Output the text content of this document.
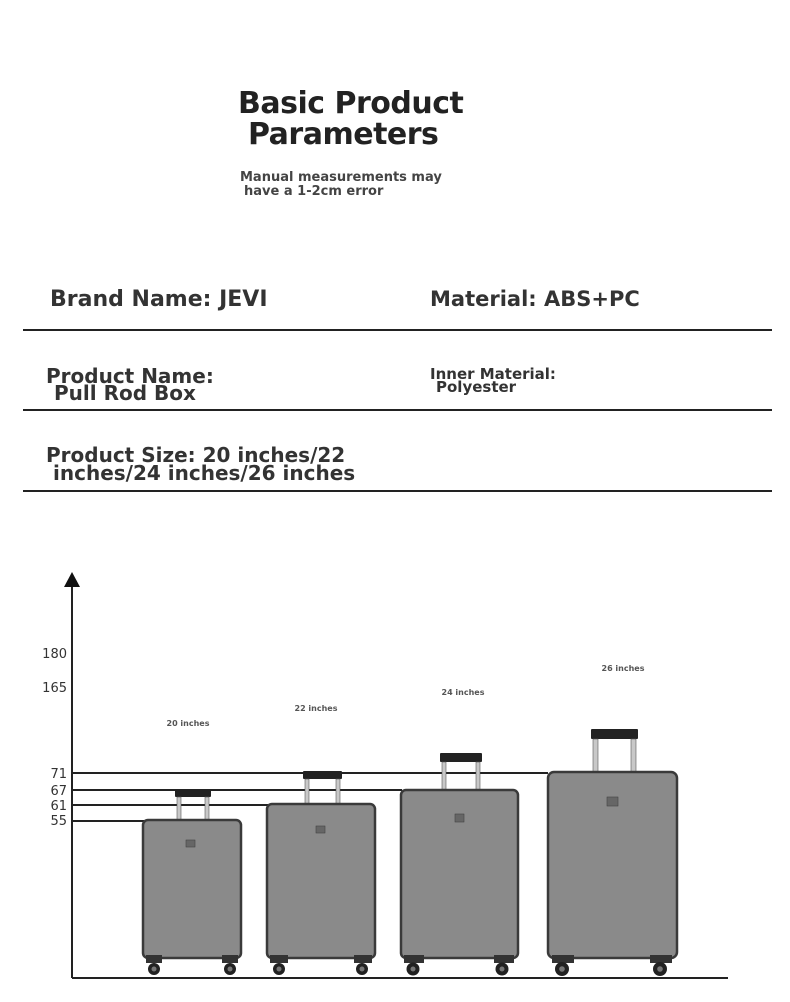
Basic Product
Parameters
Manual measurements may
have a 1-2cm error
Brand Name: JEVI	Material: ABS+PC
Product Name:
Pull Rod Box
Inner Material:
Polyester
Product Size: 20 inches/22
inches/24 inches/26 inches
180
165
71
67
61
55
20 inches
22 inches
24 inches
26 inches
